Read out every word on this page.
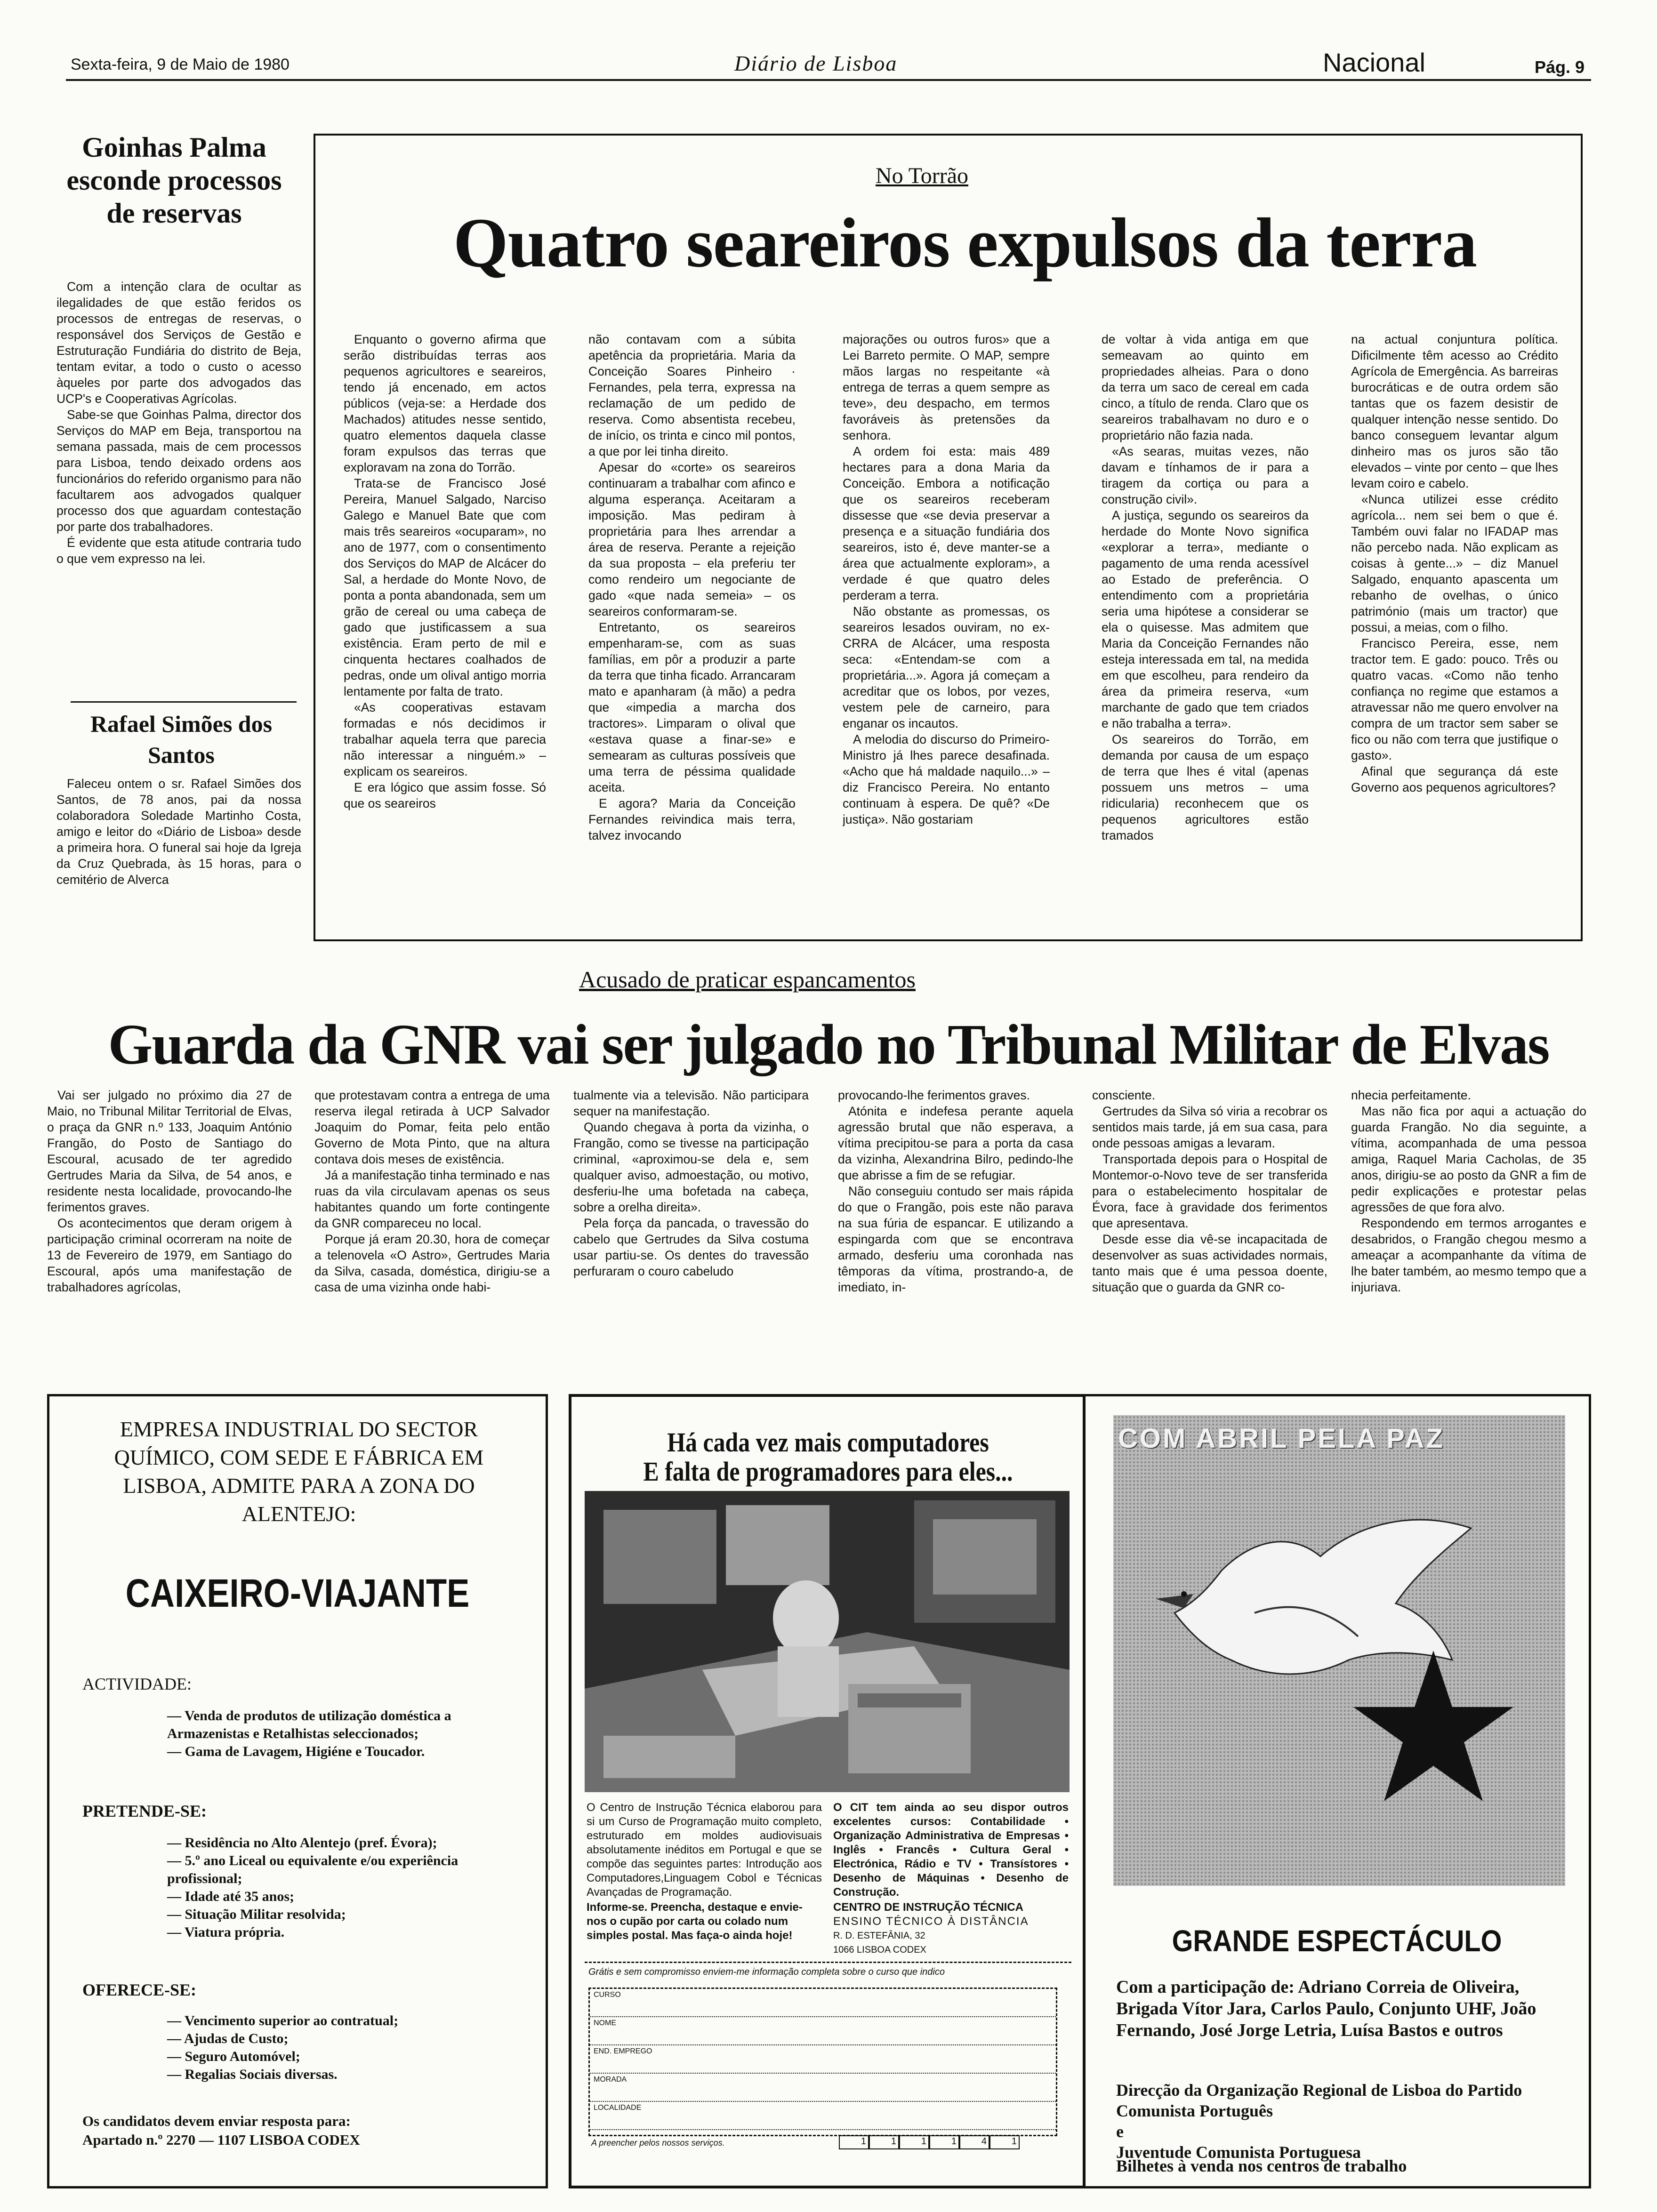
Sexta-feira, 9 de Maio de 1980	Diário de Lisboa	Nacional	Pág. 9
Goinhas Palma esconde processos de reservas

Com a intenção clara de ocultar as ilegalidades de que estão feridos os processos de entregas de reservas, o responsável dos Serviços de Gestão e Estruturação Fundiária do distrito de Beja, tentam evitar, a todo o custo o acesso àqueles por parte dos advogados das UCP's e Cooperativas Agrícolas.

Sabe-se que Goinhas Palma, director dos Serviços do MAP em Beja, transportou na semana passada, mais de cem processos para Lisboa, tendo deixado ordens aos funcionários do referido organismo para não facultarem aos advogados qualquer processo dos que aguardam contestação por parte dos trabalhadores.

É evidente que esta atitude contraria tudo o que vem expresso na lei.

Rafael Simões dos Santos

Faleceu ontem o sr. Rafael Simões dos Santos, de 78 anos, pai da nossa colaboradora Soledade Martinho Costa, amigo e leitor do «Diário de Lisboa» desde a primeira hora. O funeral sai hoje da Igreja da Cruz Quebrada, às 15 horas, para o cemitério de Alverca

No Torrão
Quatro seareiros expulsos da terra

Enquanto o governo afirma que serão distribuídas terras aos pequenos agricultores e seareiros, tendo já encenado, em actos públicos (veja-se: a Herdade dos Machados) atitudes nesse sentido, quatro elementos daquela classe foram expulsos das terras que exploravam na zona do Torrão.

Trata-se de Francisco José Pereira, Manuel Salgado, Narciso Galego e Manuel Bate que com mais três seareiros «ocuparam», no ano de 1977, com o consentimento dos Serviços do MAP de Alcácer do Sal, a herdade do Monte Novo, de ponta a ponta abandonada, sem um grão de cereal ou uma cabeça de gado que justificassem a sua existência. Eram perto de mil e cinquenta hectares coalhados de pedras, onde um olival antigo morria lentamente por falta de trato.

«As cooperativas estavam formadas e nós decidimos ir trabalhar aquela terra que parecia não interessar a ninguém.» – explicam os seareiros.

E era lógico que assim fosse. Só que os seareiros

não contavam com a súbita apetência da proprietária. Maria da Conceição Soares Pinheiro · Fernandes, pela terra, expressa na reclamação de um pedido de reserva. Como absentista recebeu, de início, os trinta e cinco mil pontos, a que por lei tinha direito.

Apesar do «corte» os seareiros continuaram a trabalhar com afinco e alguma esperança. Aceitaram a imposição. Mas pediram à proprietária para lhes arrendar a área de reserva. Perante a rejeição da sua proposta – ela preferiu ter como rendeiro um negociante de gado «que nada semeia» – os seareiros conformaram-se.

Entretanto, os seareiros empenharam-se, com as suas famílias, em pôr a produzir a parte da terra que tinha ficado. Arrancaram mato e apanharam (à mão) a pedra que «impedia a marcha dos tractores». Limparam o olival que «estava quase a finar-se» e semearam as culturas possíveis que uma terra de péssima qualidade aceita.

E agora? Maria da Conceição Fernandes reivindica mais terra, talvez invocando

majorações ou outros furos» que a Lei Barreto permite. O MAP, sempre mãos largas no respeitante «à entrega de terras a quem sempre as teve», deu despacho, em termos favoráveis às pretensões da senhora.

A ordem foi esta: mais 489 hectares para a dona Maria da Conceição. Embora a notificação que os seareiros receberam dissesse que «se devia preservar a presença e a situação fundiária dos seareiros, isto é, deve manter-se a área que actualmente exploram», a verdade é que quatro deles perderam a terra.

Não obstante as promessas, os seareiros lesados ouviram, no ex-CRRA de Alcácer, uma resposta seca: «Entendam-se com a proprietária...». Agora já começam a acreditar que os lobos, por vezes, vestem pele de carneiro, para enganar os incautos.

A melodia do discurso do Primeiro-Ministro já lhes parece desafinada. «Acho que há maldade naquilo...» – diz Francisco Pereira. No entanto continuam à espera. De quê? «De justiça». Não gostariam

de voltar à vida antiga em que semeavam ao quinto em propriedades alheias. Para o dono da terra um saco de cereal em cada cinco, a título de renda. Claro que os seareiros trabalhavam no duro e o proprietário não fazia nada.

«As searas, muitas vezes, não davam e tínhamos de ir para a tiragem da cortiça ou para a construção civil».

A justiça, segundo os seareiros da herdade do Monte Novo significa «explorar a terra», mediante o pagamento de uma renda acessível ao Estado de preferência. O entendimento com a proprietária seria uma hipótese a considerar se ela o quisesse. Mas admitem que Maria da Conceição Fernandes não esteja interessada em tal, na medida em que escolheu, para rendeiro da área da primeira reserva, «um marchante de gado que tem criados e não trabalha a terra».

Os seareiros do Torrão, em demanda por causa de um espaço de terra que lhes é vital (apenas possuem uns metros – uma ridicularia) reconhecem que os pequenos agricultores estão tramados

na actual conjuntura política. Dificilmente têm acesso ao Crédito Agrícola de Emergência. As barreiras burocráticas e de outra ordem são tantas que os fazem desistir de qualquer intenção nesse sentido. Do banco conseguem levantar algum dinheiro mas os juros são tão elevados – vinte por cento – que lhes levam coiro e cabelo.

«Nunca utilizei esse crédito agrícola... nem sei bem o que é. Também ouvi falar no IFADAP mas não percebo nada. Não explicam as coisas à gente...» – diz Manuel Salgado, enquanto apascenta um rebanho de ovelhas, o único património (mais um tractor) que possui, a meias, com o filho.

Francisco Pereira, esse, nem tractor tem. E gado: pouco. Três ou quatro vacas. «Como não tenho confiança no regime que estamos a atravessar não me quero envolver na compra de um tractor sem saber se fico ou não com terra que justifique o gasto».

Afinal que segurança dá este Governo aos pequenos agricultores?

Acusado de praticar espancamentos
Guarda da GNR vai ser julgado no Tribunal Militar de Elvas

Vai ser julgado no próximo dia 27 de Maio, no Tribunal Militar Territorial de Elvas, o praça da GNR n.º 133, Joaquim António Frangão, do Posto de Santiago do Escoural, acusado de ter agredido Gertrudes Maria da Silva, de 54 anos, e residente nesta localidade, provocando-lhe ferimentos graves.

Os acontecimentos que deram origem à participação criminal ocorreram na noite de 13 de Fevereiro de 1979, em Santiago do Escoural, após uma manifestação de trabalhadores agrícolas,

que protestavam contra a entrega de uma reserva ilegal retirada à UCP Salvador Joaquim do Pomar, feita pelo então Governo de Mota Pinto, que na altura contava dois meses de existência.

Já a manifestação tinha terminado e nas ruas da vila circulavam apenas os seus habitantes quando um forte contingente da GNR compareceu no local.

Porque já eram 20.30, hora de começar a telenovela «O Astro», Gertrudes Maria da Silva, casada, doméstica, dirigiu-se a casa de uma vizinha onde habi-

tualmente via a televisão. Não participara sequer na manifestação.

Quando chegava à porta da vizinha, o Frangão, como se tivesse na participação criminal, «aproximou-se dela e, sem qualquer aviso, admoestação, ou motivo, desferiu-lhe uma bofetada na cabeça, sobre a orelha direita».

Pela força da pancada, o travessão do cabelo que Gertrudes da Silva costuma usar partiu-se. Os dentes do travessão perfuraram o couro cabeludo

provocando-lhe ferimentos graves.

Atónita e indefesa perante aquela agressão brutal que não esperava, a vítima precipitou-se para a porta da casa da vizinha, Alexandrina Bilro, pedindo-lhe que abrisse a fim de se refugiar.

Não conseguiu contudo ser mais rápida do que o Frangão, pois este não parava na sua fúria de espancar. E utilizando a espingarda com que se encontrava armado, desferiu uma coronhada nas têmporas da vítima, prostrando-a, de imediato, in-

consciente.

Gertrudes da Silva só viria a recobrar os sentidos mais tarde, já em sua casa, para onde pessoas amigas a levaram.

Transportada depois para o Hospital de Montemor-o-Novo teve de ser transferida para o estabelecimento hospitalar de Évora, face à gravidade dos ferimentos que apresentava.

Desde esse dia vê-se incapacitada de desenvolver as suas actividades normais, tanto mais que é uma pessoa doente, situação que o guarda da GNR co-

nhecia perfeitamente.

Mas não fica por aqui a actuação do guarda Frangão. No dia seguinte, a vítima, acompanhada de uma pessoa amiga, Raquel Maria Cacholas, de 35 anos, dirigiu-se ao posto da GNR a fim de pedir explicações e protestar pelas agressões de que fora alvo.

Respondendo em termos arrogantes e desabridos, o Frangão chegou mesmo a ameaçar a acompanhante da vítima de lhe bater também, ao mesmo tempo que a injuriava.

EMPRESA INDUSTRIAL DO SECTOR QUÍMICO, COM SEDE E FÁBRICA EM LISBOA, ADMITE PARA A ZONA DO ALENTEJO:
CAIXEIRO-VIAJANTE
ACTIVIDADE:
— Venda de produtos de utilização doméstica a Armazenistas e Retalhistas seleccionados;
— Gama de Lavagem, Higiéne e Toucador.
PRETENDE-SE:
— Residência no Alto Alentejo (pref. Évora);
— 5.º ano Liceal ou equivalente e/ou experiência profissional;
— Idade até 35 anos;
— Situação Militar resolvida;
— Viatura própria.
OFERECE-SE:
— Vencimento superior ao contratual;
— Ajudas de Custo;
— Seguro Automóvel;
— Regalias Sociais diversas.

Os candidatos devem enviar resposta para:

Apartado n.º 2270 — 1107 LISBOA CODEX

Há cada vez mais computadores
E falta de programadores para eles...
O Centro de Instrução Técnica elaborou para si um Curso de Programação muito completo, estruturado em moldes audiovisuais absolutamente inéditos em Portugal e que se compõe das seguintes partes: Introdução aos Computadores,Linguagem Cobol e Técnicas Avançadas de Programação.
O CIT tem ainda ao seu dispor outros excelentes cursos: Contabilidade • Organização Administrativa de Empresas • Inglês • Francês • Cultura Geral • Electrónica, Rádio e TV • Transístores • Desenho de Máquinas • Desenho de Construção.
Informe-se. Preencha, destaque e envie-nos o cupão por carta ou colado num simples postal. Mas faça-o ainda hoje!
CENTRO DE INSTRUÇÃO TÉCNICA
ENSINO TÉCNICO À DISTÂNCIA
R. D. ESTEFÂNIA, 32
1066 LISBOA CODEX
Grátis e sem compromisso enviem-me informação completa sobre o curso que indico
CURSO
NOME
END. EMPREGO
MORADA
LOCALIDADE
A preencher pelos nossos serviços.	1	1	1	1	4	1
COM ABRIL PELA PAZ
GRANDE ESPECTÁCULO
Com a participação de: Adriano Correia de Oliveira, Brigada Vítor Jara, Carlos Paulo, Conjunto UHF, João Fernando, José Jorge Letria, Luísa Bastos e outros

Direcção da Organização Regional de Lisboa do Partido Comunista Português

e

Juventude Comunista Portuguesa

Bilhetes à venda nos centros de trabalho
